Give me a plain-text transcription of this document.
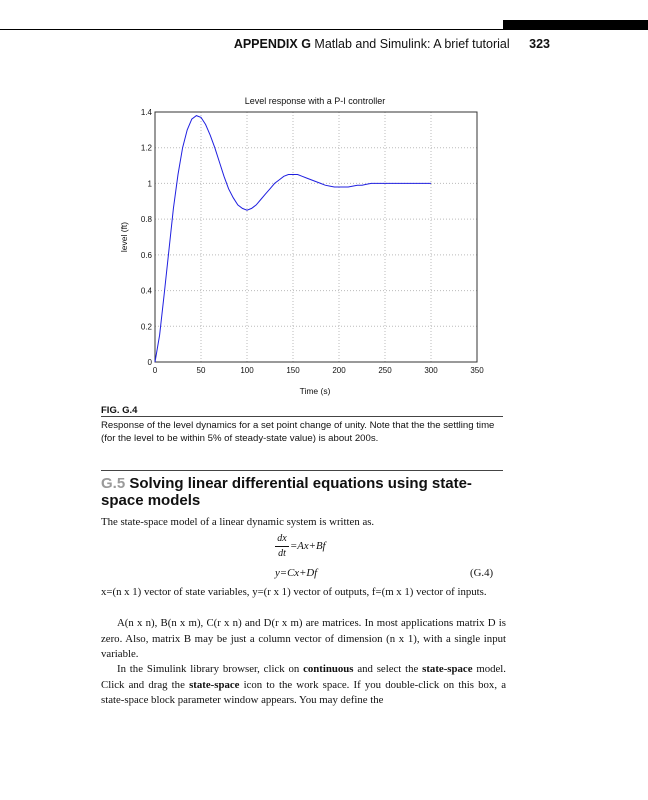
APPENDIX G Matlab and Simulink: A brief tutorial 323
Level response with a P-I controller
0	50	100	150	200	250	300	350
0
0.2
0.4
0.6
0.8
1
1.2
1.4
Time (s)
level (ft)
FIG. G.4
Response of the level dynamics for a set point change of unity. Note that the the settling time (for the level to be within 5% of steady-state value) is about 200s.
G.5 Solving linear differential equations using state-space models
The state-space model of a linear dynamic system is written as.
dx
dt
=Ax+Bf
y=Cx+Df	(G.4)
x=(n x 1) vector of state variables, y=(r x 1) vector of outputs, f=(m x 1) vector of inputs.
A(n x n), B(n x m), C(r x n) and D(r x m) are matrices. In most applications matrix D is zero. Also, matrix B may be just a column vector of dimension (n x 1), with a single input variable.
In the Simulink library browser, click on continuous and select the state-space model. Click and drag the state-space icon to the work space. If you double-click on this box, a state-space block parameter window appears. You may define the
